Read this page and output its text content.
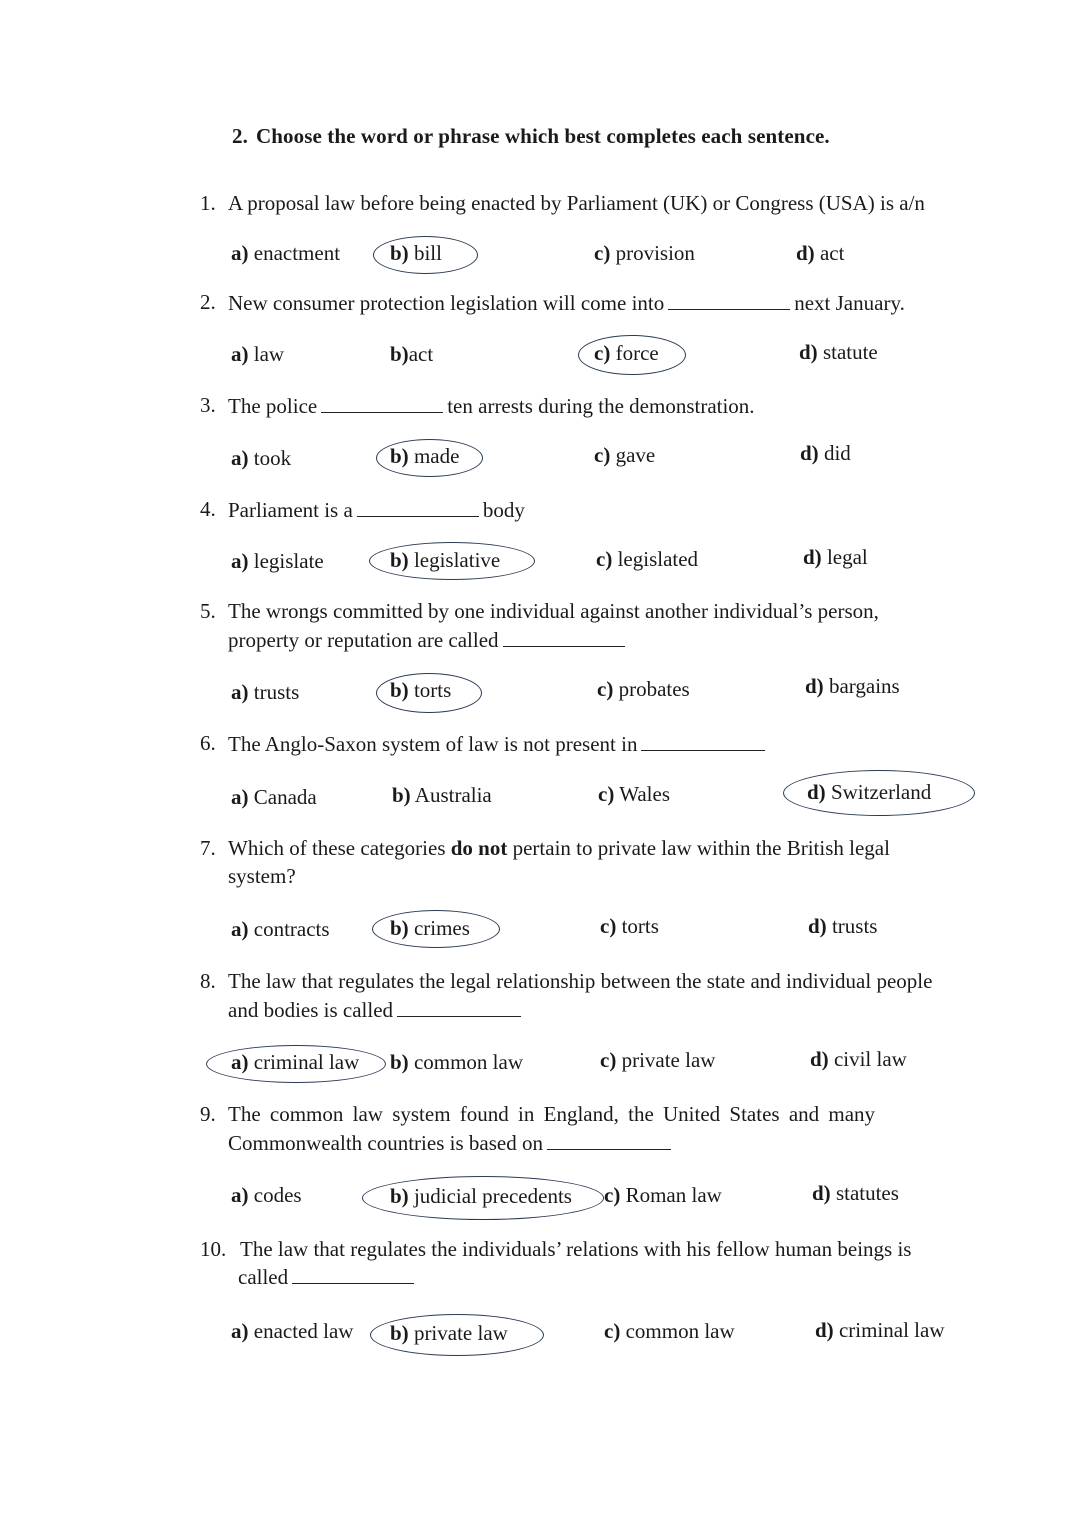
2. Choose the word or phrase which best completes each sentence.
1. A proposal law before being enacted by Parliament (UK) or Congress (USA) is a/n
a) enactment b) bill	c) provision	d) act
2. New consumer protection legislation will come into	next January.
a) law	b)act	c) force	d) statute
3. The police	ten arrests during the demonstration.
a) took	b) made	c) gave	d) did
4. Parliament is a	body
a) legislate	b) legislative	c) legislated	d) legal
5. The wrongs committed by one individual against another individual’s person,
property or reputation are called
a) trusts	b) torts	c) probates	d) bargains
6. The Anglo-Saxon system of law is not present in
a) Canada	b) Australia	c) Wales	d) Switzerland
7. Which of these categories do not pertain to private law within the British legal
system?
a) contracts	b) crimes	c) torts	d) trusts
8. The law that regulates the legal relationship between the state and individual people
and bodies is called
a) criminal law b) common law	c) private law	d) civil law
9. The common law system found in England, the United States and many
Commonwealth countries is based on
a) codes	b) judicial precedents c) Roman law	d) statutes
10. The law that regulates the individuals’ relations with his fellow human beings is
called
a) enacted law b) private law	c) common law	d) criminal law
